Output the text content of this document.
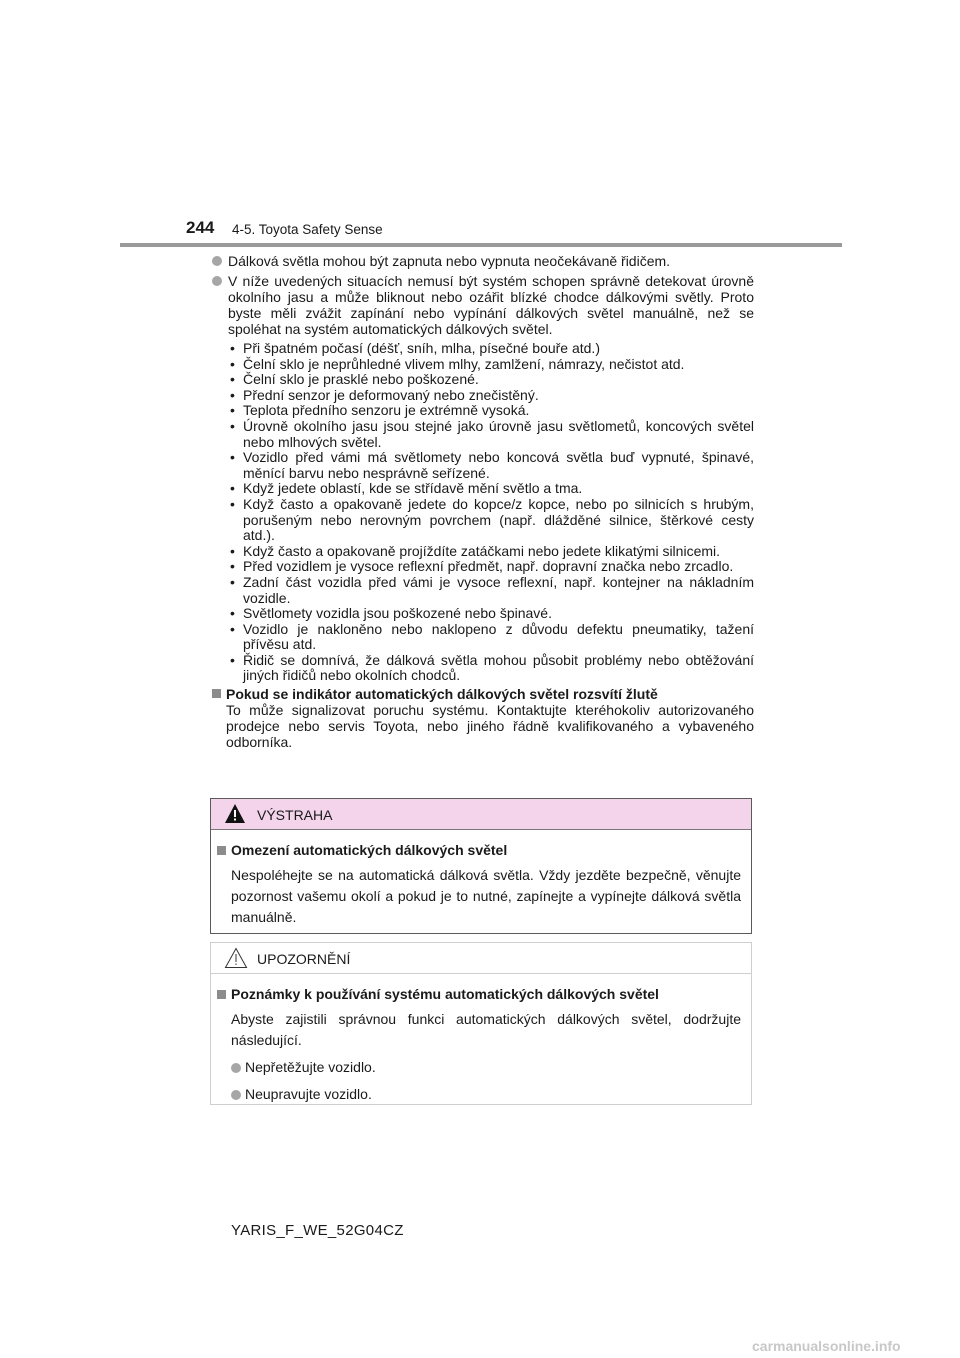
244 4-5. Toyota Safety Sense
Dálková světla mohou být zapnuta nebo vypnuta neočekávaně řidičem.
V níže uvedených situacích nemusí být systém schopen správně detekovat úrovně okolního jasu a může bliknout nebo ozářit blízké chodce dálkovými světly. Proto byste měli zvážit zapínání nebo vypínání dálkových světel manuálně, než se spoléhat na systém automatických dálkových světel.
• Při špatném počasí (déšť, sníh, mlha, písečné bouře atd.)
• Čelní sklo je neprůhledné vlivem mlhy, zamlžení, námrazy, nečistot atd.
• Čelní sklo je prasklé nebo poškozené.
• Přední senzor je deformovaný nebo znečistěný.
• Teplota předního senzoru je extrémně vysoká.
• Úrovně okolního jasu jsou stejné jako úrovně jasu světlometů, koncových světel nebo mlhových světel.
• Vozidlo před vámi má světlomety nebo koncová světla buď vypnuté, špinavé, měnící barvu nebo nesprávně seřízené.
• Když jedete oblastí, kde se střídavě mění světlo a tma.
• Když často a opakovaně jedete do kopce/z kopce, nebo po silnicích s hrubým, porušeným nebo nerovným povrchem (např. dlážděné silnice, štěrkové cesty atd.).
• Když často a opakovaně projíždíte zatáčkami nebo jedete klikatými silnicemi.
• Před vozidlem je vysoce reflexní předmět, např. dopravní značka nebo zrcadlo.
• Zadní část vozidla před vámi je vysoce reflexní, např. kontejner na nákladním vozidle.
• Světlomety vozidla jsou poškozené nebo špinavé.
• Vozidlo je nakloněno nebo naklopeno z důvodu defektu pneumatiky, tažení přívěsu atd.
• Řidič se domnívá, že dálková světla mohou působit problémy nebo obtěžování jiných řidičů nebo okolních chodců.
Pokud se indikátor automatických dálkových světel rozsvítí žlutě
To může signalizovat poruchu systému. Kontaktujte kteréhokoliv autorizovaného prodejce nebo servis Toyota, nebo jiného řádně kvalifikovaného a vybaveného odborníka.
VÝSTRAHA
Omezení automatických dálkových světel
Nespoléhejte se na automatická dálková světla. Vždy jezděte bezpečně, věnujte pozornost vašemu okolí a pokud je to nutné, zapínejte a vypínejte dálková světla manuálně.
UPOZORNĚNÍ
Poznámky k používání systému automatických dálkových světel
Abyste zajistili správnou funkci automatických dálkových světel, dodržujte následující.
Nepřetěžujte vozidlo.
Neupravujte vozidlo.
YARIS_F_WE_52G04CZ
carmanualsonline.info
